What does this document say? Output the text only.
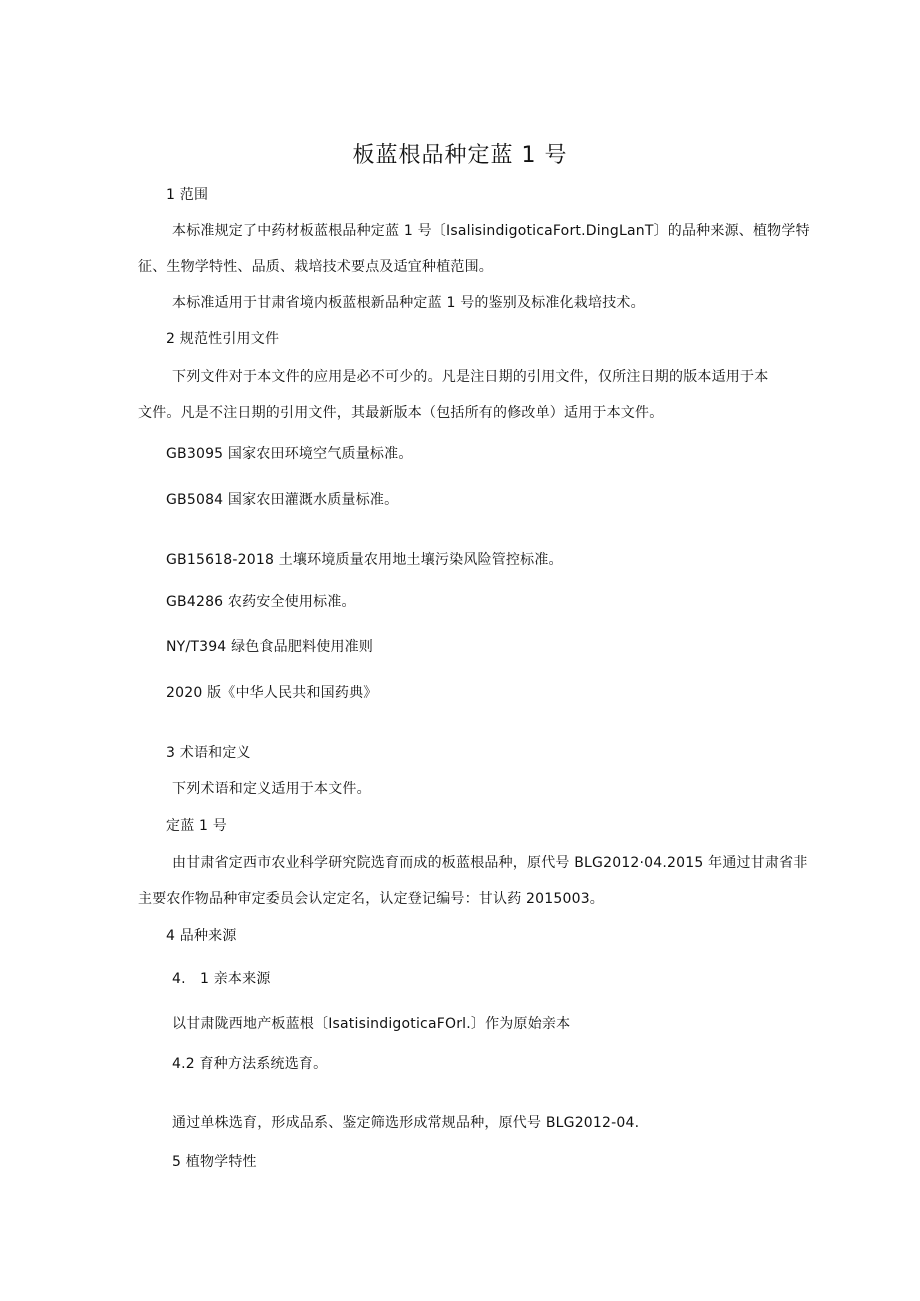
板蓝根品种定蓝 1 号
1 范围
本标准规定了中药材板蓝根品种定蓝 1 号〔IsalisindigoticaFort.DingLanT〕的品种来源、植物学特
征、生物学特性、品质、栽培技术要点及适宜种植范围。
本标准适用于甘肃省境内板蓝根新品种定蓝 1 号的鉴别及标准化栽培技术。
2 规范性引用文件
下列文件对于本文件的应用是必不可少的。凡是注日期的引用文件，仅所注日期的版本适用于本
文件。凡是不注日期的引用文件，其最新版本（包括所有的修改单）适用于本文件。
GB3095 国家农田环境空气质量标准。
GB5084 国家农田灌溉水质量标准。
GB15618-2018 土壤环境质量农用地土壤污染风险管控标准。
GB4286 农药安全使用标准。
NY/T394 绿色食品肥料使用准则
2020 版《中华人民共和国药典》
3 术语和定义
下列术语和定义适用于本文件。
定蓝 1 号
由甘肃省定西市农业科学研究院选育而成的板蓝根品种，原代号 BLG2012·04.2015 年通过甘肃省非
主要农作物品种审定委员会认定定名，认定登记编号：甘认药 2015003。
4 品种来源
4.　1 亲本来源
以甘肃陇西地产板蓝根〔IsatisindigoticaFOrl.〕作为原始亲本
4.2 育种方法系统选育。
通过单株选育，形成品系、鉴定筛选形成常规品种，原代号 BLG2012-04.
5 植物学特性
